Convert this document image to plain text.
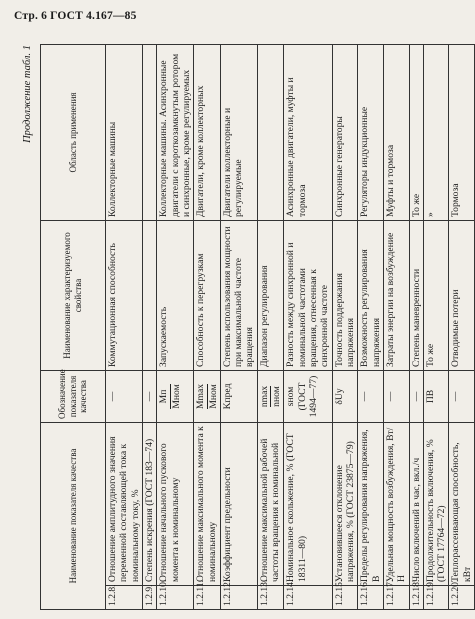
Стр. 6 ГОСТ 4.167—85
Продолжение табл. 1
Наименование показателя качества		Обозначение показателя качества	Наименование характеризуемого свойства	Область применения
1.2.8.	Отношение амплитудного значения переменной составляющей тока к номинальному току, %	—	Коммутационная способность	Коллекторные машины
1.2.9.	Степень искрения (ГОСТ 183—74)	—		
1.2.10.	Отношение начального пускового момента к номинальному	Mп Mном	Запускаемость	Коллекторные машины. Асинхронные двигатели с короткозамкнутым ротором и синхронные, кроме регулируемых
1.2.11.	Отношение максимального момента к номинальному	Mmax Mном	Способность к перегрузкам	Двигатели, кроме коллекторных
1.2.12.	Коэффициент предельности	Kпред	Степень использования мощности при максимальной частоте вращения	Двигатели коллекторные и регулируемые
1.2.13.	Отношение максимальной рабочей частоты вращения к номинальной	nmax nном	Диапазон регулирования	
1.2.14.	Номинальное скольжение, % (ГОСТ 18311—80)	sном (ГОСТ 1494—77)	Разность между синхронной и номинальной частотами вращения, отнесенная к синхронной частоте	Асинхронные двигатели, муфты и тормоза
1.2.15.	Установившееся отклонение напряжения, % (ГОСТ 23875—79)	δUу	Точность поддержания напряжения	Синхронные генераторы
1.2.16.	Пределы регулирования напряжения, В	—	Возможность регулирования напряжения	Регуляторы индукционные
1.2.17.	Удельная мощность возбуждения, Вт/Н	—	Затраты энергии на возбуждение	Муфты и тормоза
1.2.18.	Число включений в час, вкл./ч	—	Степень маневренности	То же
1.2.19.	Продолжительность включения, % (ГОСТ 17764—72)	ПВ	То же	»
1.2.20.	Теплорассеивающая способность, кВт	—	Отводимые потери	Тормоза
